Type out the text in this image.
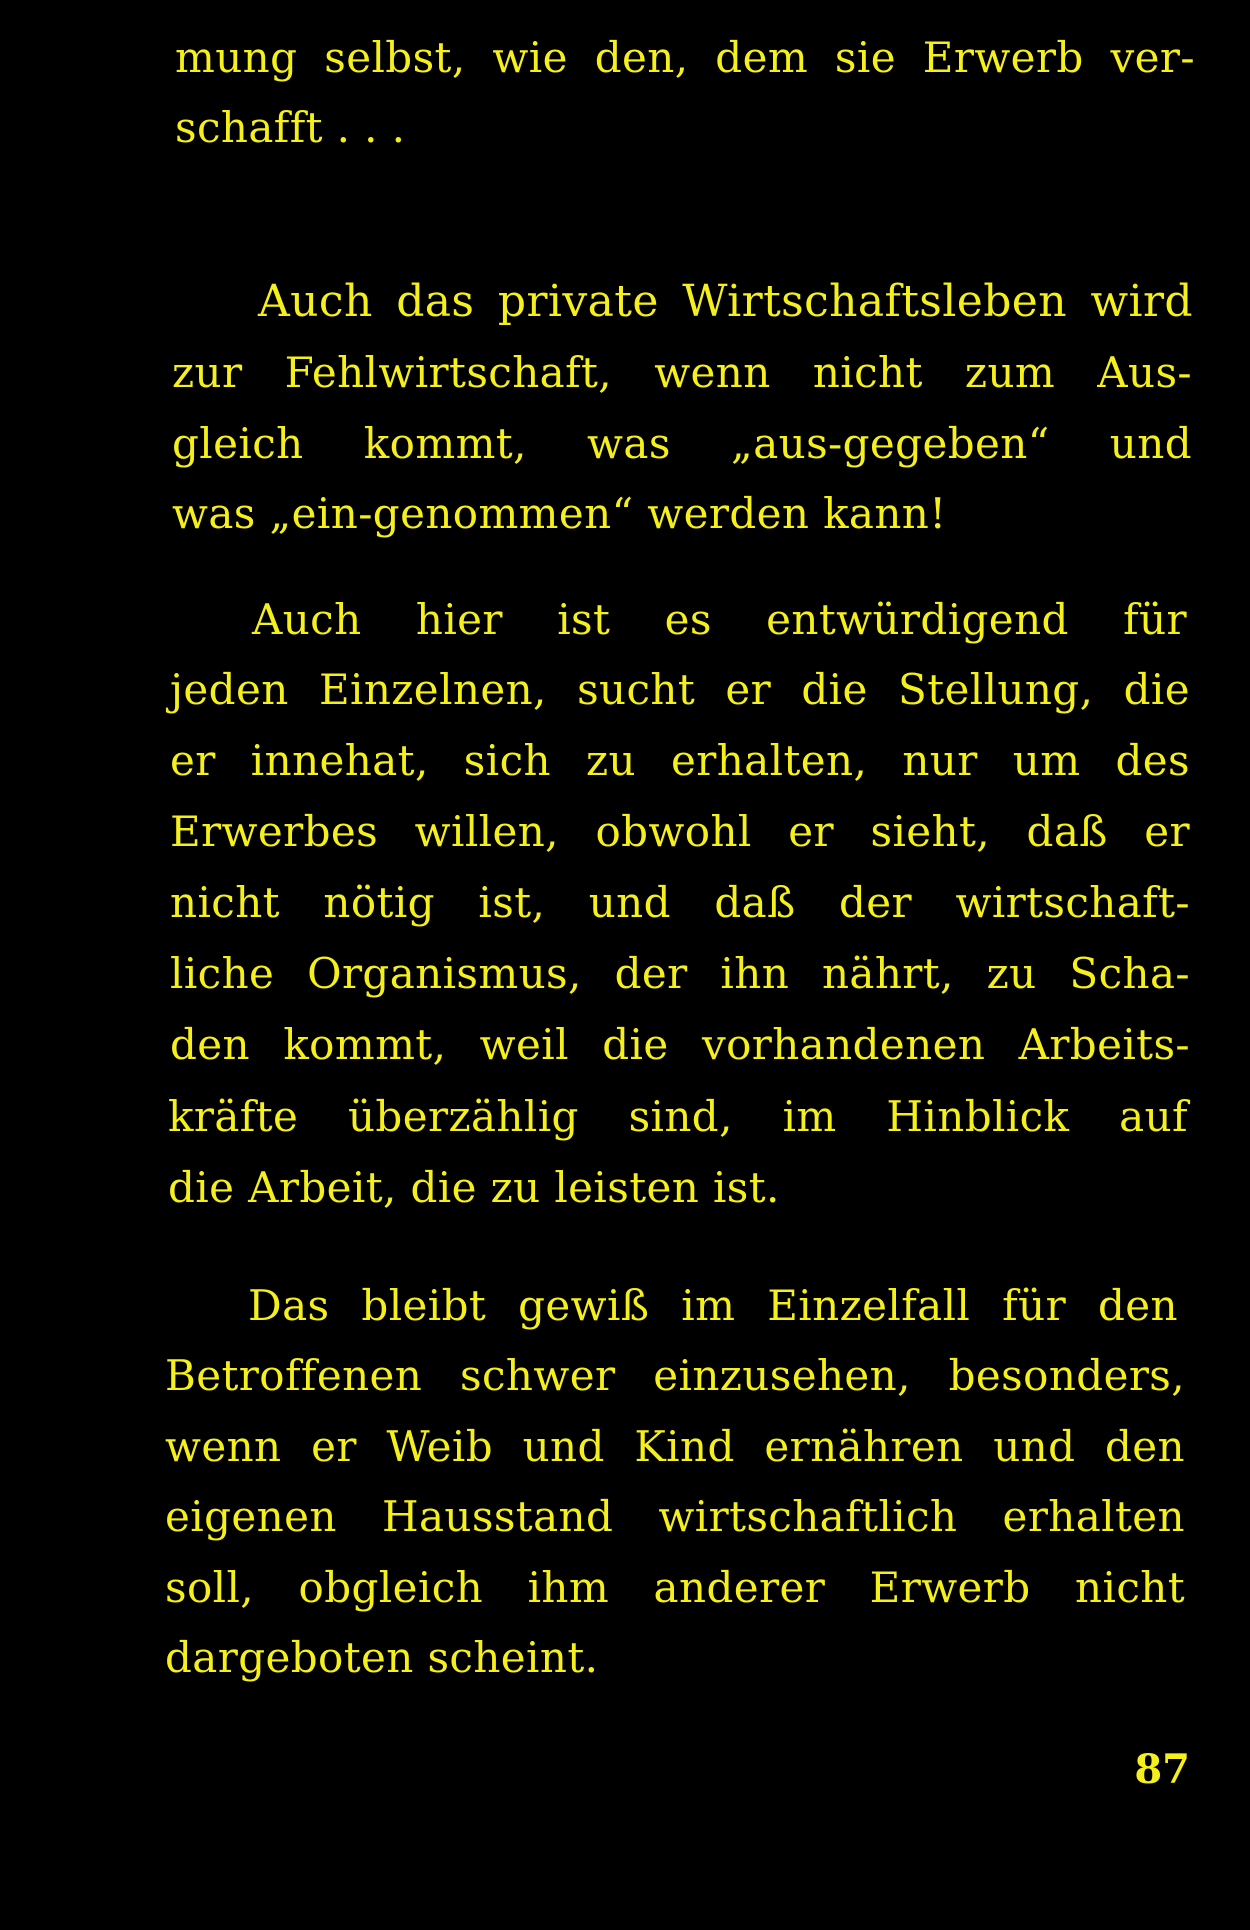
mung selbst, wie den, dem sie Erwerb ver-

schafft . . .

Auch das private Wirtschaftsleben wird

zur Fehlwirtschaft, wenn nicht zum Aus-

gleich kommt, was „aus-gegeben“ und

was „ein-genommen“ werden kann!

Auch hier ist es entwürdigend für

jeden Einzelnen, sucht er die Stellung, die

er innehat, sich zu erhalten, nur um des

Erwerbes willen, obwohl er sieht, daß er

nicht nötig ist, und daß der wirtschaft-

liche Organismus, der ihn nährt, zu Scha-

den kommt, weil die vorhandenen Arbeits-

kräfte überzählig sind, im Hinblick auf

die Arbeit, die zu leisten ist.

Das bleibt gewiß im Einzelfall für den

Betroffenen schwer einzusehen, besonders,

wenn er Weib und Kind ernähren und den

eigenen Hausstand wirtschaftlich erhalten

soll, obgleich ihm anderer Erwerb nicht

dargeboten scheint.

87
